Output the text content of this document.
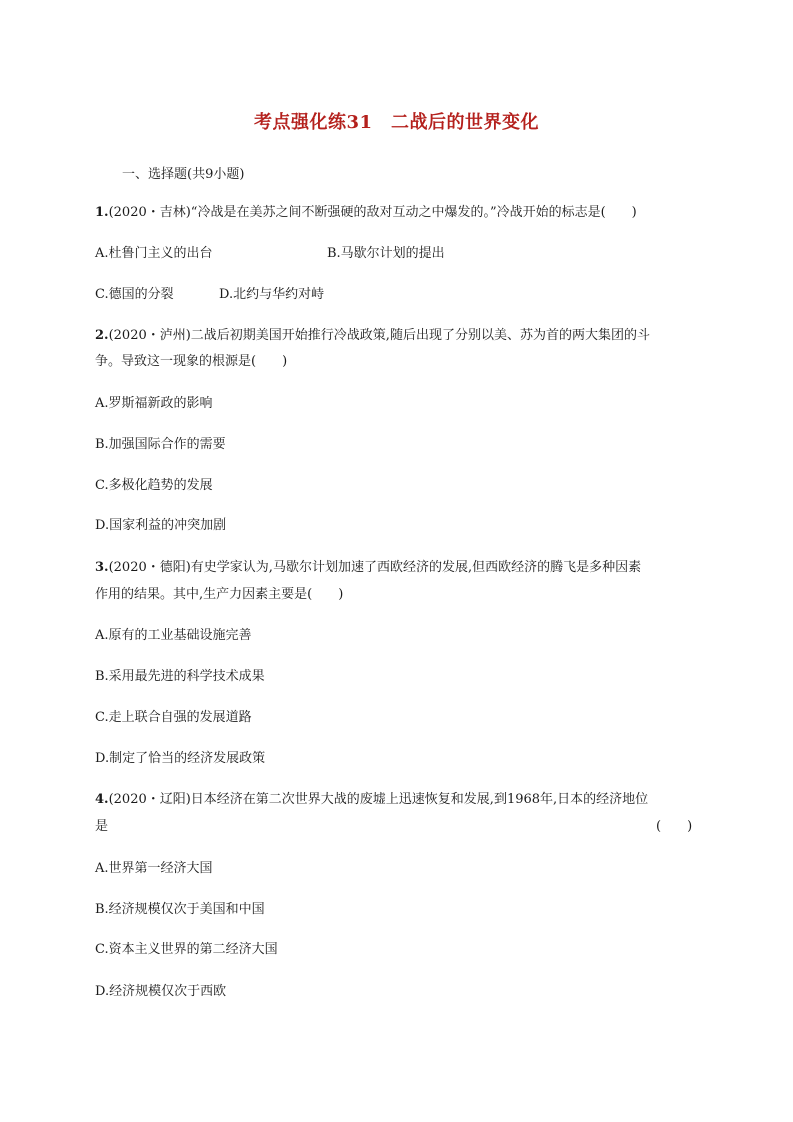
考点强化练31　二战后的世界变化
一、选择题(共9小题)
1.(2020・吉林)“冷战是在美苏之间不断强硬的敌对互动之中爆发的。”冷战开始的标志是(　　)
A.杜鲁门主义的出台	B.马歇尔计划的提出
C.德国的分裂	D.北约与华约对峙
2.(2020・泸州)二战后初期美国开始推行冷战政策,随后出现了分别以美、苏为首的两大集团的斗
争。导致这一现象的根源是(　　)
A.罗斯福新政的影响
B.加强国际合作的需要
C.多极化趋势的发展
D.国家利益的冲突加剧
3.(2020・德阳)有史学家认为,马歇尔计划加速了西欧经济的发展,但西欧经济的腾飞是多种因素
作用的结果。其中,生产力因素主要是(　　)
A.原有的工业基础设施完善
B.采用最先进的科学技术成果
C.走上联合自强的发展道路
D.制定了恰当的经济发展政策
4.(2020・辽阳)日本经济在第二次世界大战的废墟上迅速恢复和发展,到1968年,日本的经济地位
是	(　　)
A.世界第一经济大国
B.经济规模仅次于美国和中国
C.资本主义世界的第二经济大国
D.经济规模仅次于西欧
